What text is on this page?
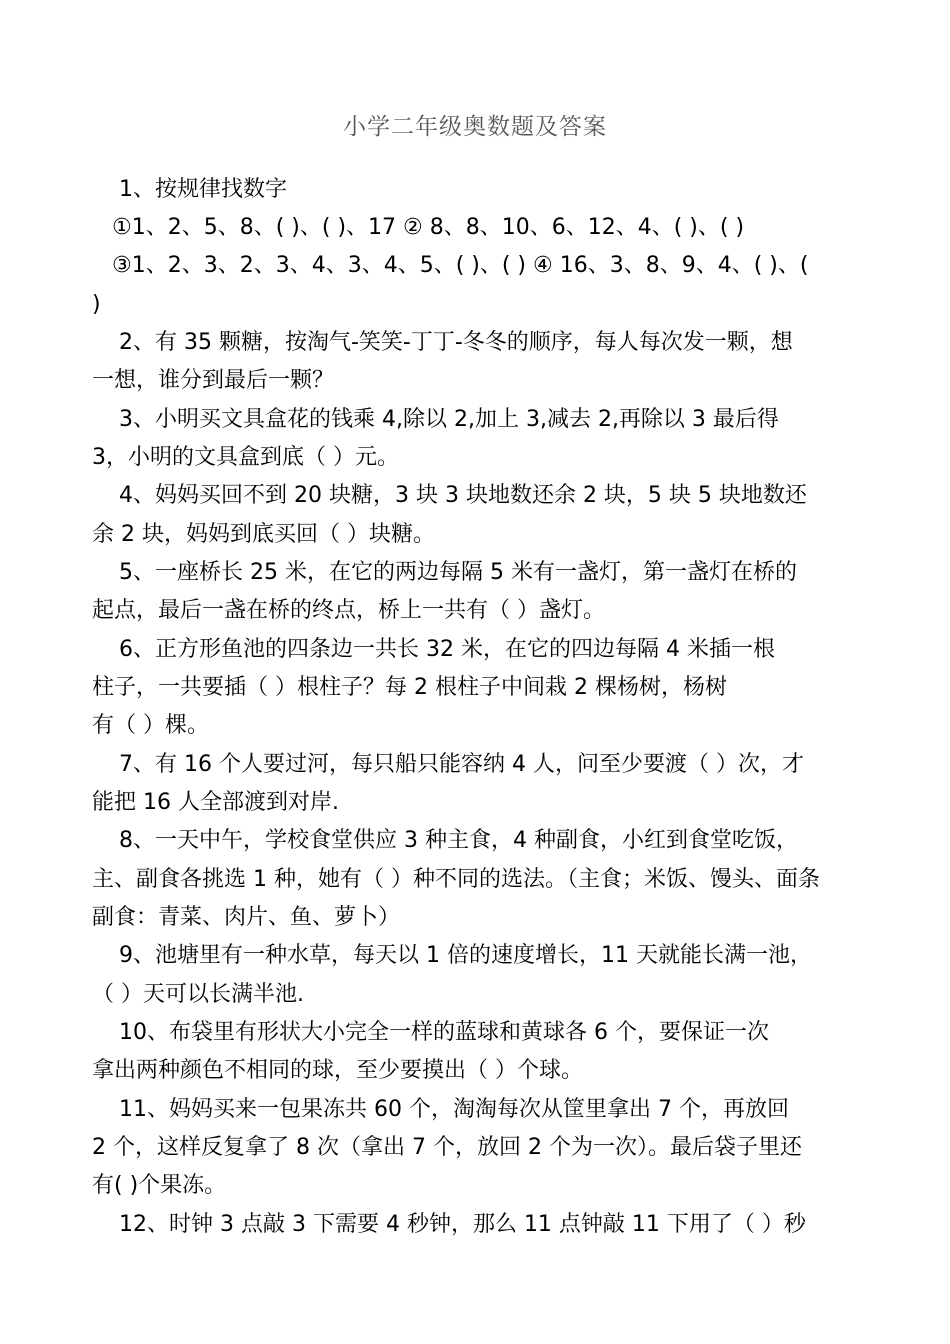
小学二年级奥数题及答案
1、按规律找数字
①1、2、5、8、( )、( )、17 ② 8、8、10、6、12、4、( )、( )
③1、2、3、2、3、4、3、4、5、( )、( ) ④ 16、3、8、9、4、( )、(
)
2、有 35 颗糖，按淘气-笑笑-丁丁-冬冬的顺序，每人每次发一颗，想
一想，谁分到最后一颗？
3、小明买文具盒花的钱乘 4,除以 2,加上 3,减去 2,再除以 3 最后得
3，小明的文具盒到底（ ）元。
4、妈妈买回不到 20 块糖，3 块 3 块地数还余 2 块，5 块 5 块地数还
余 2 块，妈妈到底买回（ ）块糖。
5、一座桥长 25 米，在它的两边每隔 5 米有一盏灯，第一盏灯在桥的
起点，最后一盏在桥的终点，桥上一共有（ ）盏灯。
6、正方形鱼池的四条边一共长 32 米，在它的四边每隔 4 米插一根
柱子，一共要插（ ）根柱子？每 2 根柱子中间栽 2 棵杨树，杨树
有（ ）棵。
7、有 16 个人要过河，每只船只能容纳 4 人，问至少要渡（ ）次，才
能把 16 人全部渡到对岸.
8、一天中午，学校食堂供应 3 种主食，4 种副食，小红到食堂吃饭，
主、副食各挑选 1 种，她有（ ）种不同的选法。（主食；米饭、馒头、面条
副食：青菜、肉片、鱼、萝卜）
9、池塘里有一种水草，每天以 1 倍的速度增长，11 天就能长满一池，
（ ）天可以长满半池.
10、布袋里有形状大小完全一样的蓝球和黄球各 6 个，要保证一次
拿出两种颜色不相同的球，至少要摸出（ ）个球。
11、妈妈买来一包果冻共 60 个，淘淘每次从筐里拿出 7 个，再放回
2 个，这样反复拿了 8 次（拿出 7 个，放回 2 个为一次）。最后袋子里还
有( )个果冻。
12、时钟 3 点敲 3 下需要 4 秒钟，那么 11 点钟敲 11 下用了（ ）秒
